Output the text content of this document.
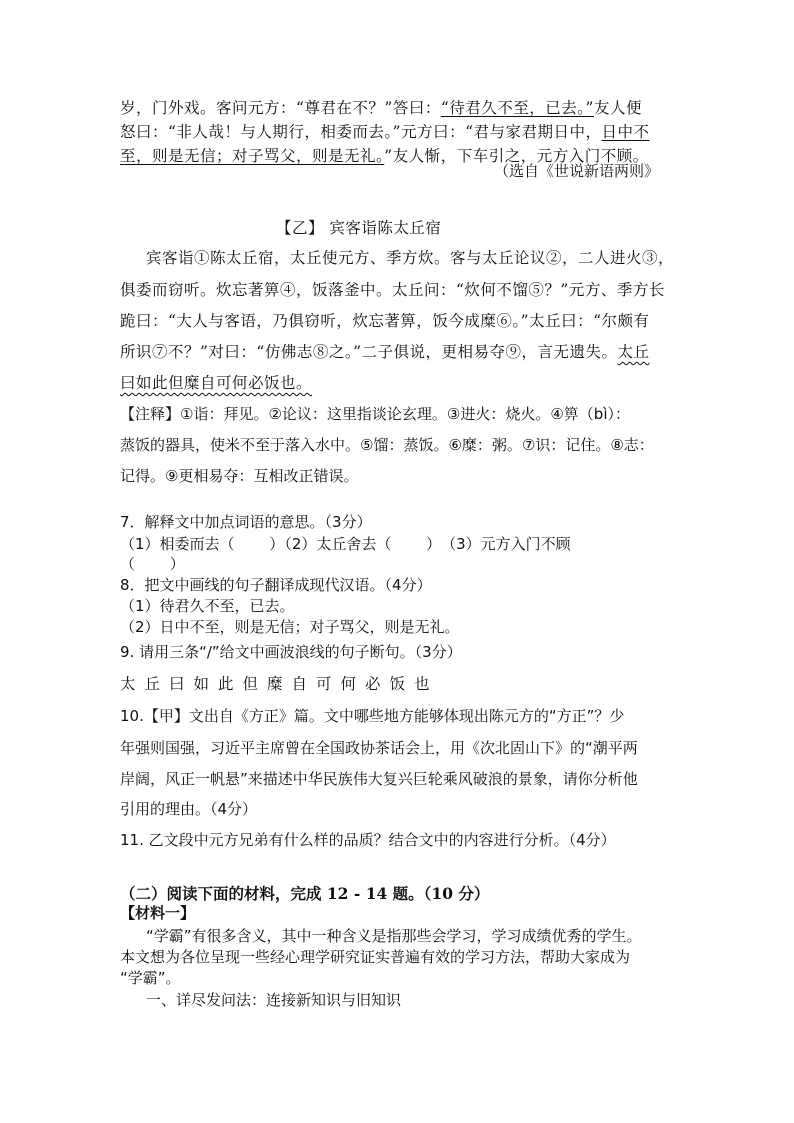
岁，门外戏。客问元方：“尊君在不？”答曰：“待君久不至，已去。”友人便
怒曰：“非人哉！与人期行，相委而去。”元方曰：“君与家君期日中，日中不
至，则是无信；对子骂父，则是无礼。”友人惭，下车引之，元方入门不顾。
（选自《世说新语两则》
【乙】 宾客诣陈太丘宿
宾客诣①陈太丘宿，太丘使元方、季方炊。客与太丘论议②，二人进火③，
俱委而窃听。炊忘著箅④，饭落釜中。太丘问：“炊何不馏⑤？”元方、季方长
跪曰：“大人与客语，乃俱窃听，炊忘著箅，饭今成糜⑥。”太丘曰：“尔颇有
所识⑦不？”对曰：“仿佛志⑧之。”二子俱说，更相易夺⑨，言无遗失。太丘
曰如此但糜自可何必饭也。
【注释】①诣：拜见。②论议：这里指谈论玄理。③进火：烧火。④箅（bì）：
蒸饭的器具，使米不至于落入水中。⑤馏：蒸饭。⑥糜：粥。⑦识：记住。⑧志：
记得。⑨更相易夺：互相改正错误。
7．解释文中加点词语的意思。（3分）
（1）相委而去（　　 ）（2）太丘舍去（　　 ）　（3）元方入门不顾
（　　 ）
8．把文中画线的句子翻译成现代汉语。（4分）
（1）待君久不至，已去。
（2）日中不至，则是无信；对子骂父，则是无礼。
9. 请用三条“/”给文中画波浪线的句子断句。（3分）
太丘曰如此但糜自可何必饭也
10.【甲】文出自《方正》篇。文中哪些地方能够体现出陈元方的“方正”？少
年强则国强，习近平主席曾在全国政协茶话会上，用《次北固山下》的“潮平两
岸阔，风正一帆悬”来描述中华民族伟大复兴巨轮乘风破浪的景象，请你分析他
引用的理由。（4分）
11. 乙文段中元方兄弟有什么样的品质？结合文中的内容进行分析。（4分）
（二）阅读下面的材料，完成 12 - 14 题。（10 分）
【材料一】
“学霸”有很多含义，其中一种含义是指那些会学习，学习成绩优秀的学生。
本文想为各位呈现一些经心理学研究证实普遍有效的学习方法，帮助大家成为
“学霸”。
一、详尽发问法：连接新知识与旧知识
